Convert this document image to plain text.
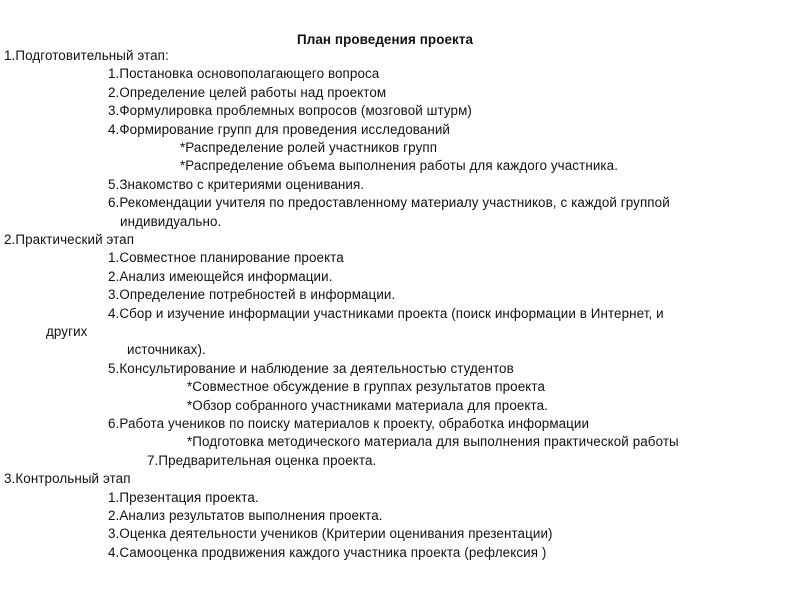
План проведения проекта
1.Подготовительный этап:
1.Постановка основополагающего вопроса
2.Определение целей работы над проектом
3.Формулировка проблемных вопросов (мозговой штурм)
4.Формирование групп для проведения исследований
*Распределение ролей участников групп
*Распределение объема выполнения работы для каждого участника.
5.Знакомство с критериями оценивания.
6.Рекомендации учителя по предоставленному материалу участников, с каждой группой
индивидуально.
2.Практический этап
1.Совместное планирование проекта
2.Анализ имеющейся информации.
3.Определение потребностей в информации.
4.Сбор и изучение информации участниками проекта (поиск информации в Интернет, и
других
источниках).
5.Консультирование и наблюдение за деятельностью студентов
*Совместное обсуждение в группах результатов проекта
*Обзор собранного участниками материала для проекта.
6.Работа учеников по поиску материалов к проекту, обработка информации
*Подготовка методического материала для выполнения практической работы
7.Предварительная оценка проекта.
3.Контрольный этап
1.Презентация проекта.
2.Анализ результатов выполнения проекта.
3.Оценка деятельности учеников (Критерии оценивания презентации)
4.Самооценка продвижения каждого участника проекта (рефлексия )
